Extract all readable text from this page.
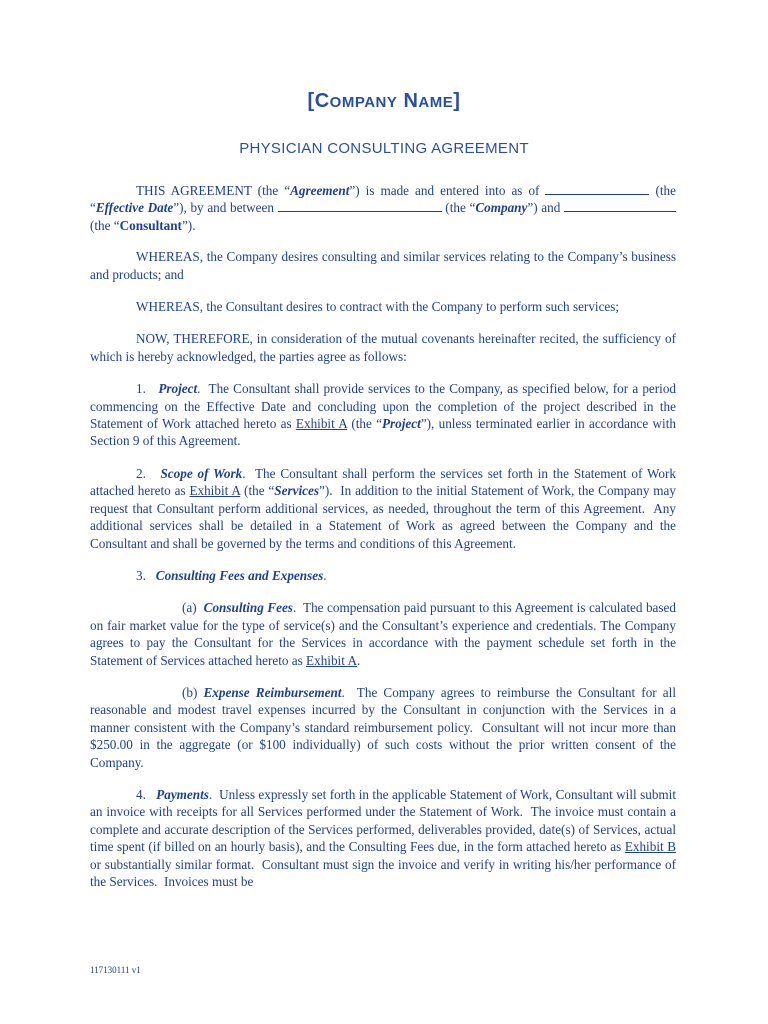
[COMPANY NAME]
PHYSICIAN CONSULTING AGREEMENT

THIS AGREEMENT (the “Agreement”) is made and entered into as of	(the “Effective Date”), by and between	(the “Company”) and  (the “Consultant”).

WHEREAS, the Company desires consulting and similar services relating to the Company’s business and products; and

WHEREAS, the Consultant desires to contract with the Company to perform such services;

NOW, THEREFORE, in consideration of the mutual covenants hereinafter recited, the sufficiency of which is hereby acknowledged, the parties agree as follows:

1.   Project.  The Consultant shall provide services to the Company, as specified below, for a period commencing on the Effective Date and concluding upon the completion of the project described in the Statement of Work attached hereto as Exhibit A (the “Project”), unless terminated earlier in accordance with Section 9 of this Agreement.

2.   Scope of Work.  The Consultant shall perform the services set forth in the Statement of Work attached hereto as Exhibit A (the “Services”).  In addition to the initial Statement of Work, the Company may request that Consultant perform additional services, as needed, throughout the term of this Agreement.  Any additional services shall be detailed in a Statement of Work as agreed between the Company and the Consultant and shall be governed by the terms and conditions of this Agreement.

3.   Consulting Fees and Expenses.

(a)  Consulting Fees.  The compensation paid pursuant to this Agreement is calculated based on fair market value for the type of service(s) and the Consultant’s experience and credentials. The Company agrees to pay the Consultant for the Services in accordance with the payment schedule set forth in the Statement of Services attached hereto as Exhibit A.

(b) Expense Reimbursement.  The Company agrees to reimburse the Consultant for all reasonable and modest travel expenses incurred by the Consultant in conjunction with the Services in a manner consistent with the Company’s standard reimbursement policy.  Consultant will not incur more than $250.00 in the aggregate (or $100 individually) of such costs without the prior written consent of the Company.

4.   Payments.  Unless expressly set forth in the applicable Statement of Work, Consultant will submit an invoice with receipts for all Services performed under the Statement of Work.  The invoice must contain a complete and accurate description of the Services performed, deliverables provided, date(s) of Services, actual time spent (if billed on an hourly basis), and the Consulting Fees due, in the form attached hereto as Exhibit B or substantially similar format.  Consultant must sign the invoice and verify in writing his/her performance of the Services.  Invoices must be

117130111 v1
